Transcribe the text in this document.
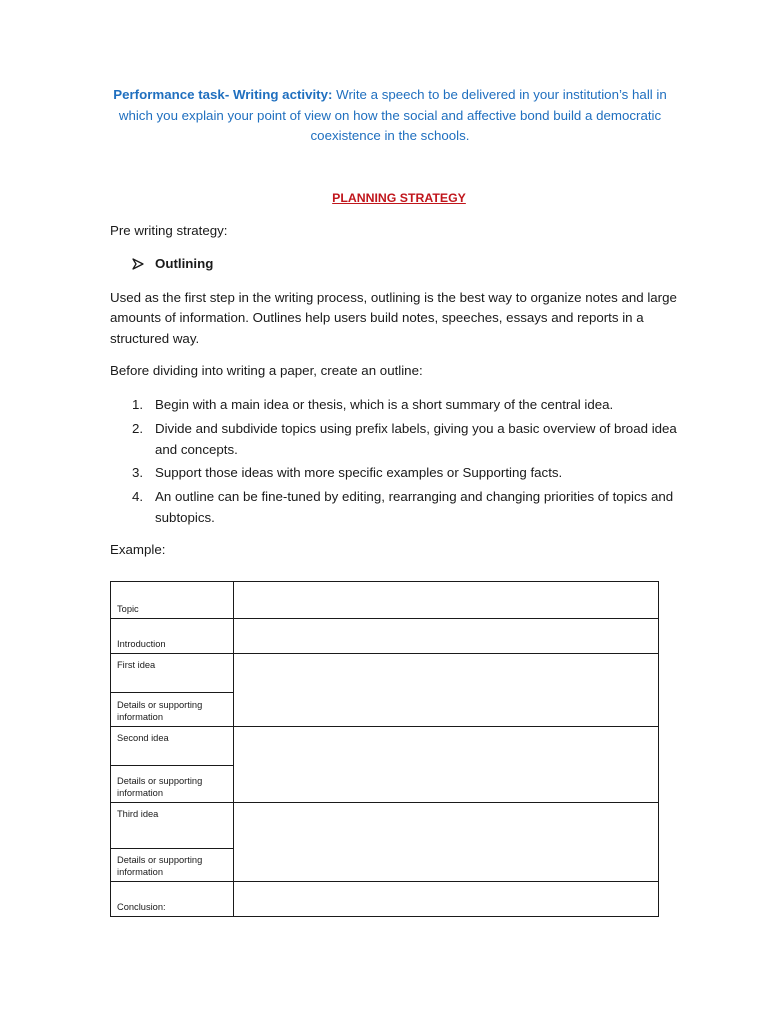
Performance task- Writing activity: Write a speech to be delivered in your institution’s hall in which you explain your point of view on how the social and affective bond build a democratic coexistence in the schools.
PLANNING STRATEGY
Pre writing strategy:
Outlining
Used as the first step in the writing process, outlining is the best way to organize notes and large amounts of information. Outlines help users build notes, speeches, essays and reports in a structured way.
Before dividing into writing a paper, create an outline:
1. Begin with a main idea or thesis, which is a short summary of the central idea.
2. Divide and subdivide topics using prefix labels, giving you a basic overview of broad idea and concepts.
3. Support those ideas with more specific examples or Supporting facts.
4. An outline can be fine-tuned by editing, rearranging and changing priorities of topics and subtopics.
Example:
Topic	
Introduction	
First idea	
Details or supporting information	
Second idea	
Details or supporting information	
Third idea	
Details or supporting information	
Conclusion:	
